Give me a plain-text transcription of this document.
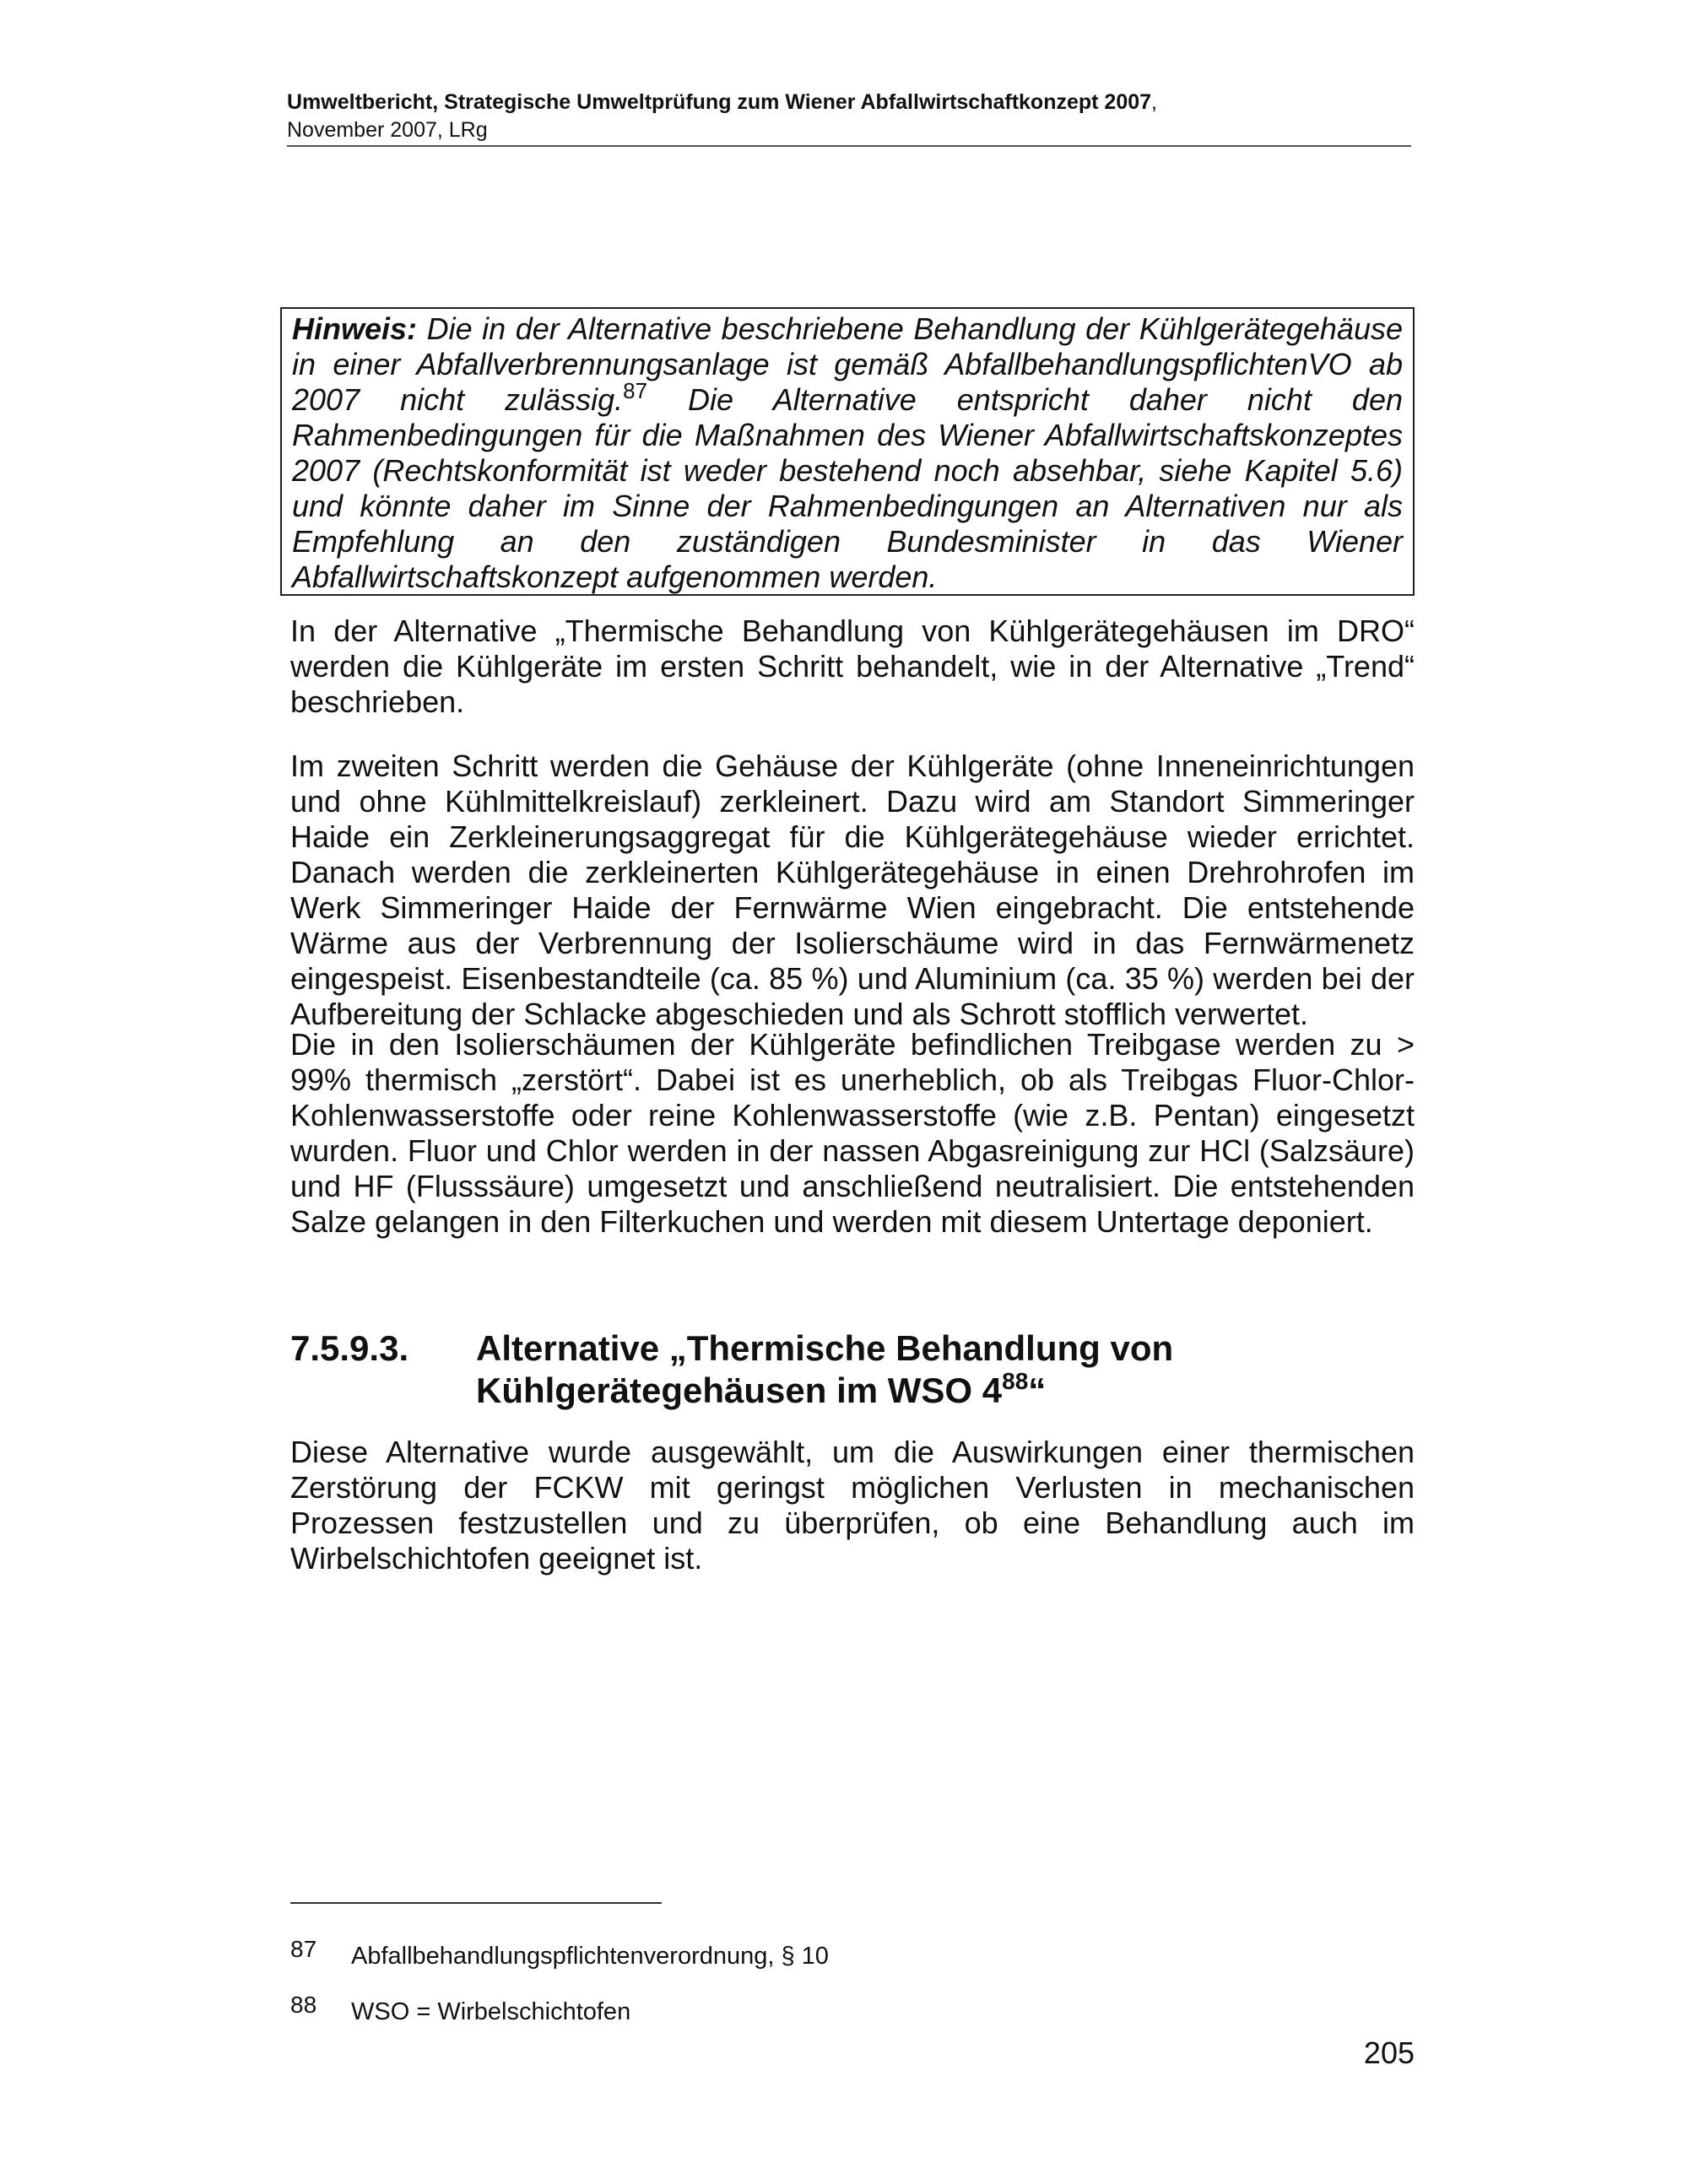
Umweltbericht, Strategische Umweltprüfung zum Wiener Abfallwirtschaftkonzept 2007,
November 2007, LRg

Hinweis: Die in der Alternative beschriebene Behandlung der Kühlgerätegehäuse in einer Abfallverbrennungsanlage ist gemäß AbfallbehandlungspflichtenVO ab 2007 nicht zulässig.$^{87}$ Die Alternative entspricht daher nicht den Rahmenbedingungen für die Maßnahmen des Wiener Abfallwirtschaftskonzeptes 2007 (Rechtskonformität ist weder bestehend noch absehbar, siehe Kapitel 5.6) und könnte daher im Sinne der Rahmenbedingungen an Alternativen nur als Empfehlung an den zuständigen Bundesminister in das Wiener Abfallwirtschaftskonzept aufgenommen werden.

In der Alternative „Thermische Behandlung von Kühlgerätegehäusen im DRO“ werden die Kühlgeräte im ersten Schritt behandelt, wie in der Alternative „Trend“ beschrieben.

Im zweiten Schritt werden die Gehäuse der Kühlgeräte (ohne Inneneinrichtungen und ohne Kühlmittelkreislauf) zerkleinert. Dazu wird am Standort Simmeringer Haide ein Zerkleinerungsaggregat für die Kühlgerätegehäuse wieder errichtet. Danach werden die zerkleinerten Kühlgerätegehäuse in einen Drehrohrofen im Werk Simmeringer Haide der Fernwärme Wien eingebracht. Die entstehende Wärme aus der Verbrennung der Isolierschäume wird in das Fernwärmenetz eingespeist. Eisenbestandteile (ca. 85 %) und Aluminium (ca. 35 %) werden bei der Aufbereitung der Schlacke abgeschieden und als Schrott stofflich verwertet.

Die in den Isolierschäumen der Kühlgeräte befindlichen Treibgase werden zu > 99% thermisch „zerstört“. Dabei ist es unerheblich, ob als Treibgas Fluor-Chlor-Kohlenwasserstoffe oder reine Kohlenwasserstoffe (wie z.B. Pentan) eingesetzt wurden. Fluor und Chlor werden in der nassen Abgasreinigung zur HCl (Salzsäure) und HF (Flusssäure) umgesetzt und anschließend neutralisiert. Die entstehenden Salze gelangen in den Filterkuchen und werden mit diesem Untertage deponiert.

7.5.9.3. Alternative „Thermische Behandlung von
Kühlgerätegehäusen im WSO $4^{88}“$

Diese Alternative wurde ausgewählt, um die Auswirkungen einer thermischen Zerstörung der FCKW mit geringst möglichen Verlusten in mechanischen Prozessen festzustellen und zu überprüfen, ob eine Behandlung auch im Wirbelschichtofen geeignet ist.

87 Abfallbehandlungspflichtenverordnung, § 10
88 WSO = Wirbelschichtofen
205
